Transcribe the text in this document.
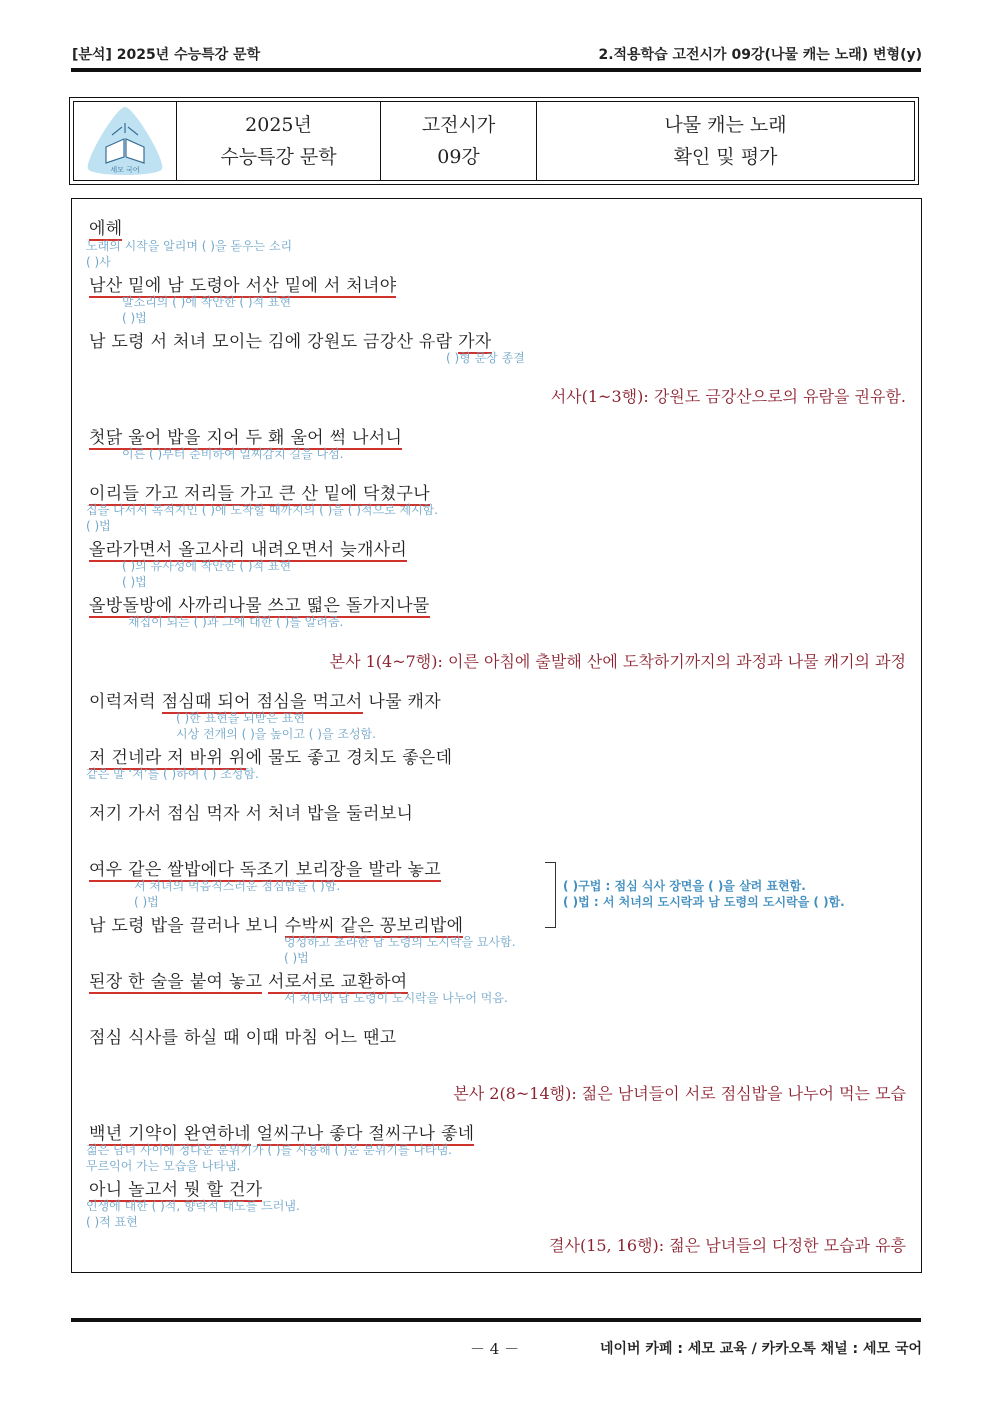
[분석] 2025년 수능특강 문학	2.적용학습 고전시가 09강(나물 캐는 노래) 변형(y)
세모 국어
2025년
수능특강 문학
고전시가
09강
나물 캐는 노래
확인 및 평가
에헤
노래의 시작을 알리며 ( )을 돋우는 소리
( )사
남산 밑에 남 도령아 서산 밑에 서 처녀야
말소리의 ( )에 착안한 ( )적 표현
( )법
남 도령 서 처녀 모이는 김에 강원도 금강산 유람 가자
( )형 문장 종결
서사(1~3행): 강원도 금강산으로의 유람을 권유함.
첫닭 울어 밥을 지어 두 홰 울어 썩 나서니
이른 ( )부터 준비하여 일찌감치 길을 나섬.
이리들 가고 저리들 가고 큰 산 밑에 닥쳤구나
집을 나서서 목적지인 ( )에 도착할 때까지의 ( )을 ( )적으로 제시함.
( )법
올라가면서 올고사리 내려오면서 늦개사리
( )의 유사성에 착안한 ( )적 표현
( )법
올방돌방에 사까리나물 쓰고 떫은 돌가지나물
채집이 되는 ( )과 그에 대한 ( )를 알려줌.
본사 1(4~7행): 이른 아침에 출발해 산에 도착하기까지의 과정과 나물 캐기의 과정
이럭저럭 점심때 되어 점심을 먹고서 나물 캐자
( )한 표현을 되받은 표현
시상 전개의 ( )을 높이고 ( )을 조성함.
저 건네라 저 바위 위에 물도 좋고 경치도 좋은데
같은 말 ‘저’를 ( )하여 ( ) 조성함.
저기 가서 점심 먹자 서 처녀 밥을 둘러보니
여우 같은 쌀밥에다 독조기 보리장을 발라 놓고
서 처녀의 먹음직스러운 점심밥을 ( )함.
( )법
( )구법 : 점심 식사 장면을 ( )을 살려 표현함.
( )법 : 서 처녀의 도시락과 남 도령의 도시락을 ( )함.
남 도령 밥을 끌러나 보니 수박씨 같은 꽁보리밥에
엉성하고 초라한 남 도령의 도시락을 묘사함.
( )법
된장 한 술을 붙여 놓고 서로서로 교환하여
서 처녀와 남 도령이 도시락을 나누어 먹음.
점심 식사를 하실 때 이때 마침 어느 땐고
본사 2(8~14행): 젊은 남녀들이 서로 점심밥을 나누어 먹는 모습
백년 기약이 완연하네 얼씨구나 좋다 절씨구나 좋네
젊은 남녀 사이에 정다운 분위기가 ( )를 사용해 ( )운 분위기를 나타냄.
무르익어 가는 모습을 나타냄.
아니 놀고서 뭣 할 건가
인생에 대한 ( )적, 향락적 태도를 드러냄.
( )적 표현
결사(15, 16행): 젊은 남녀들의 다정한 모습과 유흥
－ 4 －	네이버 카페 : 세모 교육 / 카카오톡 채널 : 세모 국어
